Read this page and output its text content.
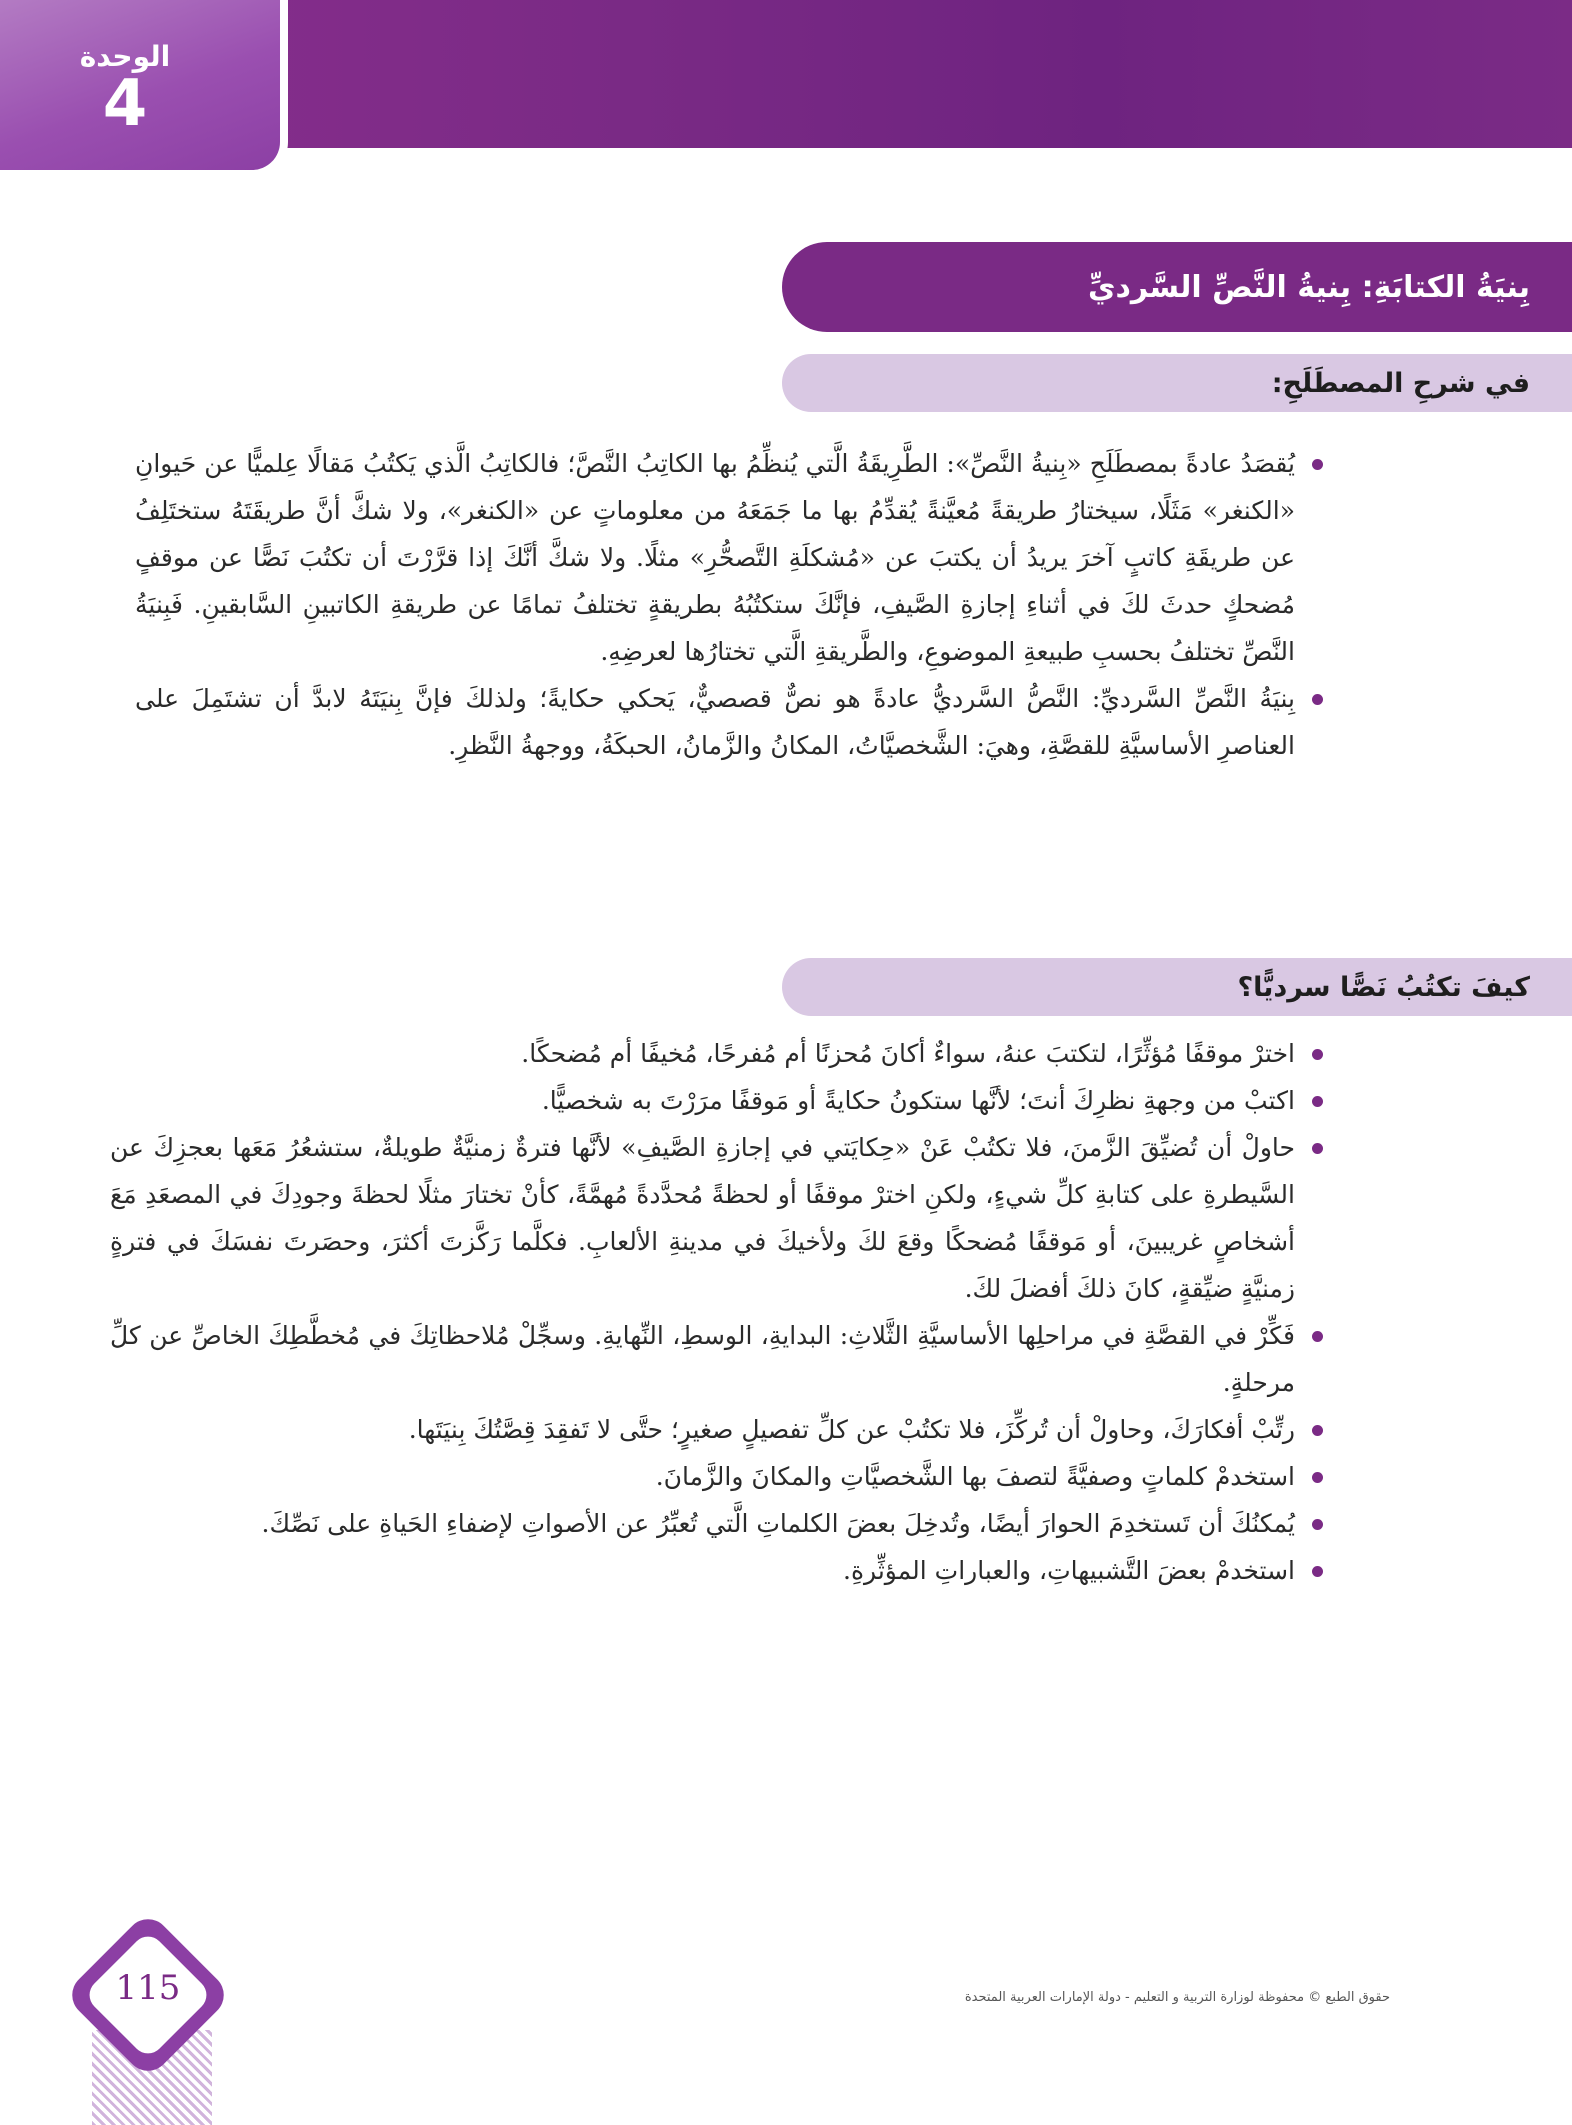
الوحدة
4
بِنيَةُ الكتابَةِ: بِنيةُ النَّصِّ السَّرديِّ
في شرحِ المصطَلَحِ:
يُقصَدُ عادةً بمصطَلَحِ «بِنيةُ النَّصِّ»: الطَّرِيقَةُ الَّتي يُنظِّمُ بها الكاتِبُ النَّصَّ؛ فالكاتِبُ الَّذي يَكتُبُ مَقالًا عِلميًّا عن حَيوانِ «الكنغر» مَثَلًا، سيختارُ طريقةً مُعيَّنةً يُقدِّمُ بها ما جَمَعَهُ من معلوماتٍ عن «الكنغر»، ولا شكَّ أنَّ طريقَتَهُ ستختَلِفُ عن طريقَةِ كاتبٍ آخرَ يريدُ أن يكتبَ عن «مُشكلَةِ التَّصحُّرِ» مثلًا. ولا شكَّ أنَّكَ إذا قرَّرْتَ أن تكتُبَ نَصًّا عن موقفٍ مُضحكٍ حدثَ لكَ في أثناءِ إجازةِ الصَّيفِ، فإنَّكَ ستكتُبُهُ بطريقةٍ تختلفُ تمامًا عن طريقةِ الكاتبينِ السَّابقينِ. فَبِنيَةُ النَّصِّ تختلفُ بحسبِ طبيعةِ الموضوعِ، والطَّريقةِ الَّتي تختارُها لعرضِهِ.
بِنيَةُ النَّصِّ السَّرديِّ: النَّصُّ السَّرديُّ عادةً هو نصٌّ قصصيٌّ، يَحكي حكايةً؛ ولذلكَ فإنَّ بِنيَتَهُ لابدَّ أن تشتَمِلَ على العناصرِ الأساسيَّةِ للقصَّةِ، وهيَ: الشَّخصيَّاتُ، المكانُ والزَّمانُ، الحبكَةُ، ووجهةُ النَّظرِ.
كيفَ تكتُبُ نَصًّا سرديًّا؟
اخترْ موقفًا مُؤثِّرًا، لتكتبَ عنهُ، سواءٌ أكانَ مُحزنًا أم مُفرحًا، مُخيفًا أم مُضحكًا.
اكتبْ من وجهةِ نظرِكَ أنتَ؛ لأنَّها ستكونُ حكايةً أو مَوقفًا مرَرْتَ به شخصيًّا.
حاولْ أن تُضيِّقَ الزَّمنَ، فلا تكتُبْ عَنْ «حِكايَتي في إجازةِ الصَّيفِ» لأنَّها فترةٌ زمنيَّةٌ طويلةٌ، ستشعُرُ مَعَها بعجزِكَ عن السَّيطرةِ على كتابةِ كلِّ شيءٍ، ولكنِ اخترْ موقفًا أو لحظةً مُحدَّدةً مُهمَّةً، كأنْ تختارَ مثلًا لحظةَ وجودِكَ في المصعَدِ مَعَ أشخاصٍ غريبينَ، أو مَوقفًا مُضحكًا وقعَ لكَ ولأخيكَ في مدينةِ الألعابِ. فكلَّما رَكَّزتَ أكثرَ، وحصَرتَ نفسَكَ في فترةٍ زمنيَّةٍ ضيِّقةٍ، كانَ ذلكَ أفضلَ لكَ.
فَكِّرْ في القصَّةِ في مراحلِها الأساسيَّةِ الثَّلاثِ: البدايةِ، الوسطِ، النِّهايةِ. وسجِّلْ مُلاحظاتِكَ في مُخطَّطِكَ الخاصِّ عن كلِّ مرحلةٍ.
رتِّبْ أفكارَكَ، وحاولْ أن تُركِّزَ، فلا تكتُبْ عن كلِّ تفصيلٍ صغيرٍ؛ حتَّى لا تَفقِدَ قِصَّتُكَ بِنيَتَها.
استخدمْ كلماتٍ وصفيَّةً لتصفَ بها الشَّخصيَّاتِ والمكانَ والزَّمانَ.
يُمكنُكَ أن تَستخدِمَ الحوارَ أيضًا، وتُدخِلَ بعضَ الكلماتِ الَّتي تُعبِّرُ عن الأصواتِ لإضفاءِ الحَياةِ على نَصِّكَ.
استخدمْ بعضَ التَّشبيهاتِ، والعباراتِ المؤثِّرةِ.
115	حقوق الطبع © محفوظة لوزارة التربية و التعليم - دولة الإمارات العربية المتحدة
